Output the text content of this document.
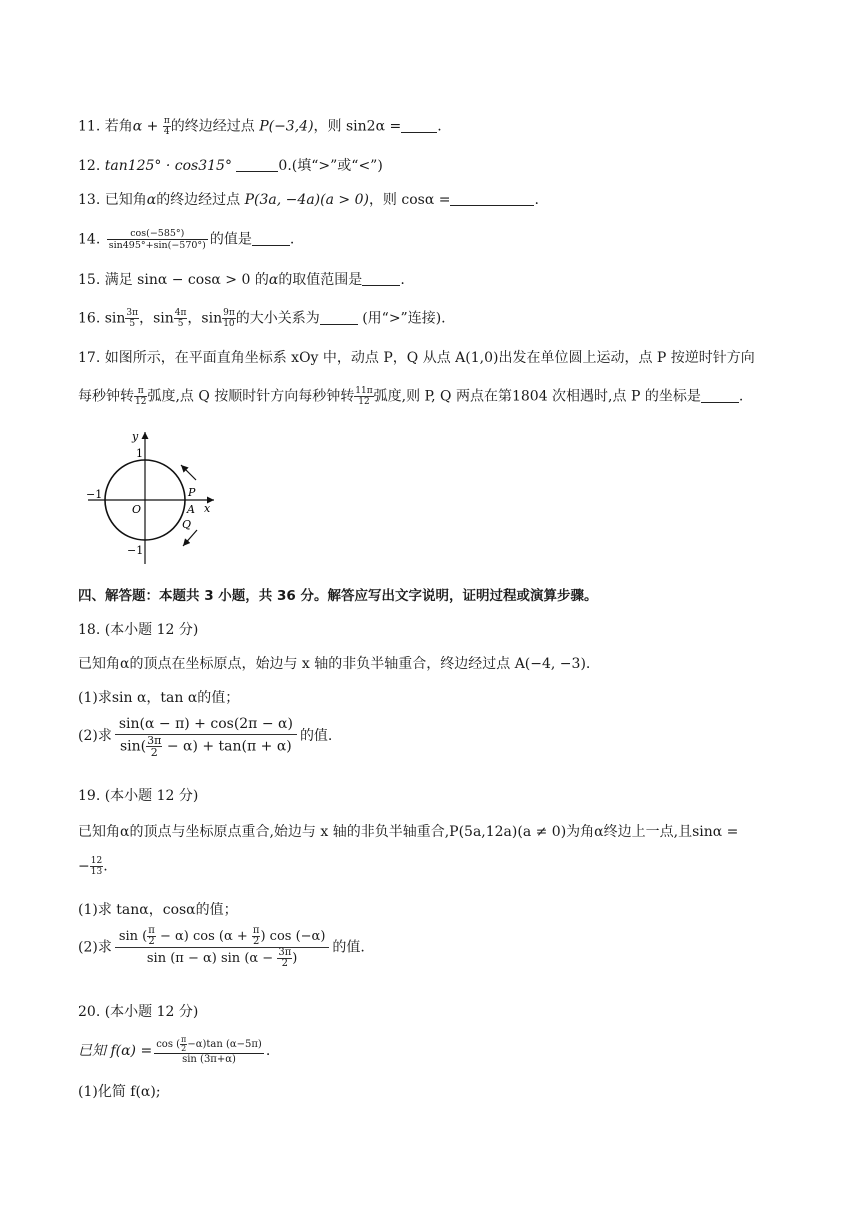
11. 若角$\alpha + \frac{\pi}{4}$ 的终边经过点 P(−3,4)，则 sin2α =	.
12. tan125° · cos315°	0.(填“>”或“<”)
13. 已知角α的终边经过点 P(3a, −4a)(a > 0)，则 cosα =	.
14. $\frac{\cos(-585^\circ)}{\sin 495^\circ+\sin(-570^\circ)}$ 的值是	.
15. 满足 sinα − cosα > 0 的α的取值范围是	.
16. $\sin \frac{3\pi}{5}$ ，$\sin \frac{4\pi}{5}$ ，$\sin \frac{9\pi}{10}$ 的大小关系为	(用“>”连接).
17. 如图所示，在平面直角坐标系 xOy 中，动点 P，Q 从点 A(1,0)出发在单位圆上运动，点 P 按逆时针方向
每秒钟转 $\frac{\pi}{12}$ 弧度,点 Q 按顺时针方向每秒钟转 $\frac{11\pi}{12}$ 弧度,则 P, Q 两点在第1804 次相遇时,点 P 的坐标是	.
y
1
−1
O
P
A x
Q
−1
四、解答题：本题共 3 小题，共 36 分。解答应写出文字说明，证明过程或演算步骤。
18. (本小题 12 分)
已知角α的顶点在坐标原点，始边与 x 轴的非负半轴重合，终边经过点 A(−4, −3).
(1)求sin α，tan α的值；
(2)求 $\frac{\sin(\alpha - \pi) + \cos(2\pi - \alpha)}{\sin( \frac{3\pi}{2} - \alpha) + \tan(\pi + \alpha)}$ 的值.
19. (本小题 12 分)
已知角α的顶点与坐标原点重合,始边与 x 轴的非负半轴重合,P(5a,12a)(a ≠ 0)为角α终边上一点,且sinα =
− $\frac{12}{13}$ .
(1)求 tanα，cosα的值；
(2)求 $\frac{\sin ( \frac{\pi}{2} - \alpha) \cos (\alpha + \frac{\pi}{2} ) \cos (-\alpha)}{\sin (\pi - \alpha) \sin (\alpha - \frac{3\pi}{2} )}$ 的值.
20. (本小题 12 分)
已知 $f(\alpha) = \frac{\cos ( \frac{\pi}{2} -\alpha)\tan (\alpha-5\pi)}{\sin (3\pi+\alpha)}$ .
(1)化简 f(α);
